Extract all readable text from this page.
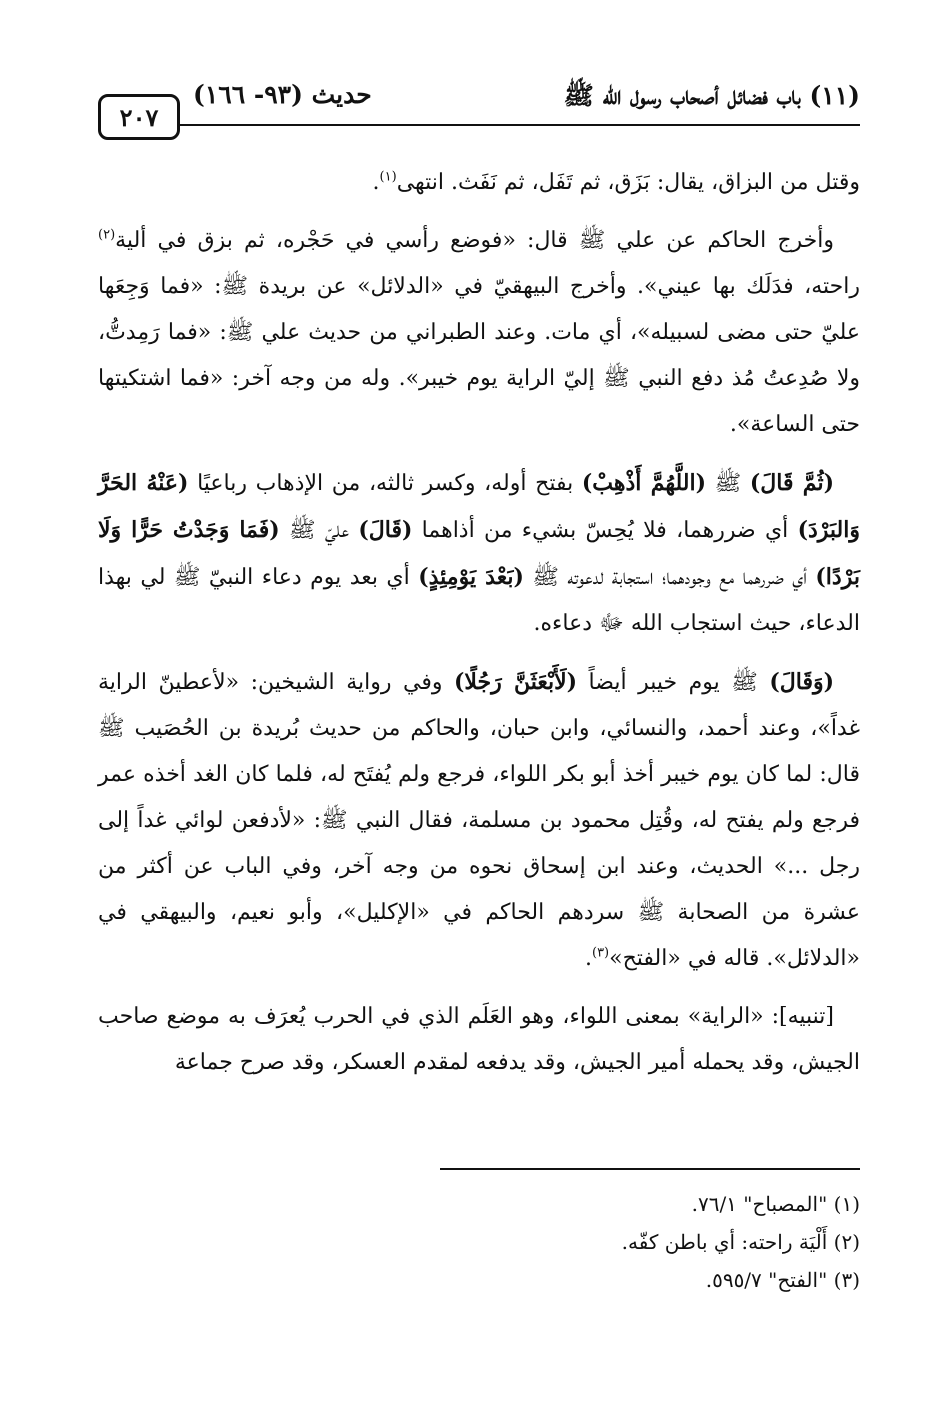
(١١) باب فضائل أصحاب رسول الله ﷺ
حديث (٩٣- ١٦٦)
٢٠٧

وقتل من البزاق، يقال: بَزَق، ثم تَفَل، ثم نَفَث. انتهى$^{(١)}$.

وأخرج الحاكم عن علي ﷺ قال: «فوضع رأسي في حَجْره، ثم بزق في ألية$^{(٢)}$ راحته، فدَلَك بها عيني». وأخرج البيهقيّ في «الدلائل» عن بريدة ﷺ: «فما وَجِعَها عليّ حتى مضى لسبيله»، أي مات. وعند الطبراني من حديث علي ﷺ: «فما رَمِدتُّ، ولا صُدِعتُ مُذ دفع النبي ﷺ إليّ الراية يوم خيبر». وله من وجه آخر: «فما اشتكيتها حتى الساعة».

(ثُمَّ قَالَ) ﷺ (اللَّهُمَّ أَذْهِبْ) بفتح أوله، وكسر ثالثه، من الإذهاب رباعيًا (عَنْهُ الحَرَّ وَالبَرْدَ) أي ضررهما، فلا يُحِسّ بشيء من أذاهما (قَالَ) عليّ ﷺ (فَمَا وَجَدْتُ حَرًّا وَلَا بَرْدًا) أي ضررهما مع وجودهما؛ استجابة لدعوته ﷺ (بَعْدَ يَوْمِئِذٍ) أي بعد يوم دعاء النبيّ ﷺ لي بهذا الدعاء، حيث استجاب الله ﷻ دعاءه.

(وَقَالَ) ﷺ يوم خيبر أيضاً (لَأَبْعَثَنَّ رَجُلًا) وفي رواية الشيخين: «لأعطينّ الراية غداً»، وعند أحمد، والنسائي، وابن حبان، والحاكم من حديث بُريدة بن الحُصَيب ﷺ قال: لما كان يوم خيبر أخذ أبو بكر اللواء، فرجع ولم يُفتَح له، فلما كان الغد أخذه عمر فرجع ولم يفتح له، وقُتِل محمود بن مسلمة، فقال النبي ﷺ: «لأدفعن لوائي غداً إلى رجل ...» الحديث، وعند ابن إسحاق نحوه من وجه آخر، وفي الباب عن أكثر من عشرة من الصحابة ﷺ سردهم الحاكم في «الإكليل»، وأبو نعيم، والبيهقي في «الدلائل». قاله في «الفتح»$^{(٣)}$.

[تنبيه]: «الراية» بمعنى اللواء، وهو العَلَم الذي في الحرب يُعرَف به موضع صاحب الجيش، وقد يحمله أمير الجيش، وقد يدفعه لمقدم العسكر، وقد صرح جماعة

(١) "المصباح" ٧٦/١.
(٢) أَلْيَة راحته: أي باطن كفّه.
(٣) "الفتح" ٥٩٥/٧.
